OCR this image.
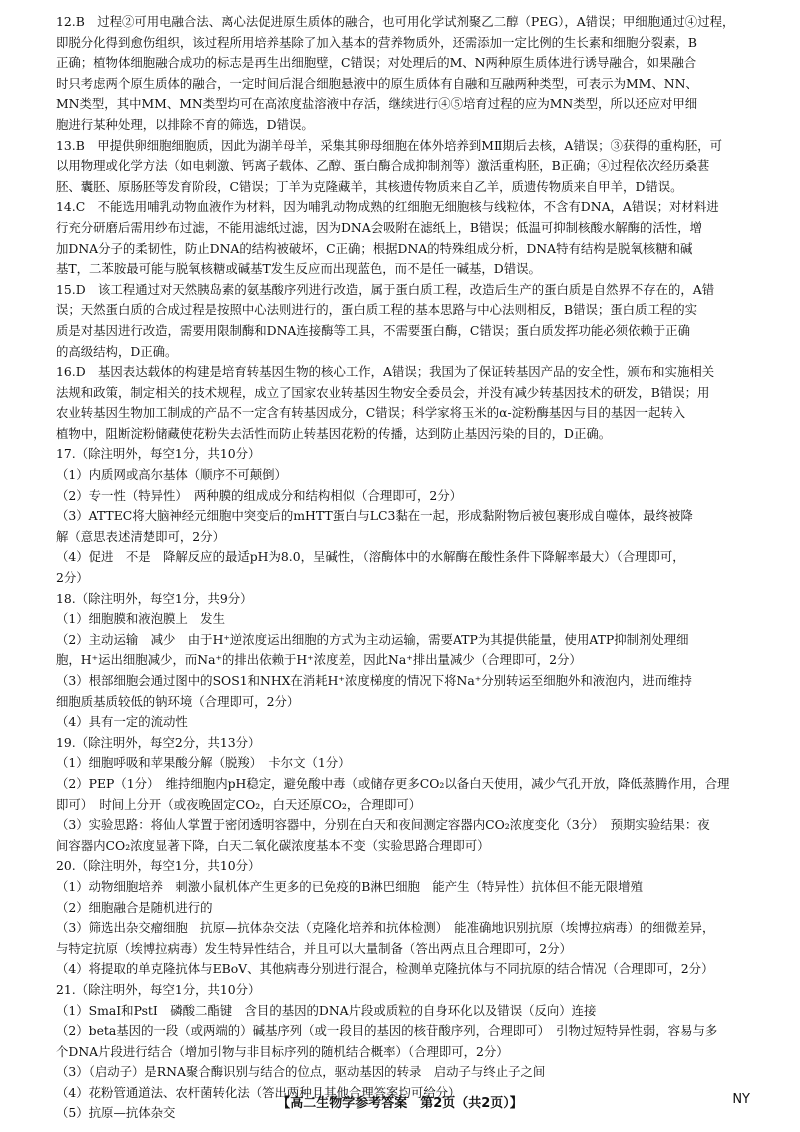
12.B　过程②可用电融合法、离心法促进原生质体的融合，也可用化学试剂聚乙二醇（PEG），A错误；甲细胞通过④过程，
即脱分化得到愈伤组织，该过程所用培养基除了加入基本的营养物质外，还需添加一定比例的生长素和细胞分裂素，B
正确；植物体细胞融合成功的标志是再生出细胞壁，C错误；对处理后的M、N两种原生质体进行诱导融合，如果融合
时只考虑两个原生质体的融合，一定时间后混合细胞悬液中的原生质体有自融和互融两种类型，可表示为MM、NN、
MN类型，其中MM、MN类型均可在高浓度盐溶液中存活，继续进行④⑤培育过程的应为MN类型，所以还应对甲细
胞进行某种处理，以排除不育的筛选，D错误。
13.B　甲提供卵细胞细胞质，因此为湖羊母羊，采集其卵母细胞在体外培养到MⅡ期后去核，A错误；③获得的重构胚，可
以用物理或化学方法（如电刺激、钙离子载体、乙醇、蛋白酶合成抑制剂等）激活重构胚，B正确；④过程依次经历桑葚
胚、囊胚、原肠胚等发育阶段，C错误；丁羊为克隆藏羊，其核遗传物质来自乙羊，质遗传物质来自甲羊，D错误。
14.C　不能选用哺乳动物血液作为材料，因为哺乳动物成熟的红细胞无细胞核与线粒体，不含有DNA，A错误；对材料进
行充分研磨后需用纱布过滤，不能用滤纸过滤，因为DNA会吸附在滤纸上，B错误；低温可抑制核酸水解酶的活性，增
加DNA分子的柔韧性，防止DNA的结构被破坏，C正确；根据DNA的特殊组成分析，DNA特有结构是脱氧核糖和碱
基T，二苯胺最可能与脱氧核糖或碱基T发生反应而出现蓝色，而不是任一碱基，D错误。
15.D　该工程通过对天然胰岛素的氨基酸序列进行改造，属于蛋白质工程，改造后生产的蛋白质是自然界不存在的，A错
误；天然蛋白质的合成过程是按照中心法则进行的，蛋白质工程的基本思路与中心法则相反，B错误；蛋白质工程的实
质是对基因进行改造，需要用限制酶和DNA连接酶等工具，不需要蛋白酶，C错误；蛋白质发挥功能必须依赖于正确
的高级结构，D正确。
16.D　基因表达载体的构建是培育转基因生物的核心工作，A错误；我国为了保证转基因产品的安全性，颁布和实施相关
法规和政策，制定相关的技术规程，成立了国家农业转基因生物安全委员会，并没有减少转基因技术的研发，B错误；用
农业转基因生物加工制成的产品不一定含有转基因成分，C错误；科学家将玉米的α-淀粉酶基因与目的基因一起转入
植物中，阻断淀粉储藏使花粉失去活性而防止转基因花粉的传播，达到防止基因污染的目的，D正确。
17.（除注明外，每空1分，共10分）
（1）内质网或高尔基体（顺序不可颠倒）
（2）专一性（特异性）　两种膜的组成成分和结构相似（合理即可，2分）
（3）ATTEC将大脑神经元细胞中突变后的mHTT蛋白与LC3黏在一起，形成黏附物后被包裹形成自噬体，最终被降
解（意思表述清楚即可，2分）
（4）促进　不是　降解反应的最适pH为8.0，呈碱性，（溶酶体中的水解酶在酸性条件下降解率最大）（合理即可，
2分）
18.（除注明外，每空1分，共9分）
（1）细胞膜和液泡膜上　发生
（2）主动运输　减少　由于H⁺逆浓度运出细胞的方式为主动运输，需要ATP为其提供能量，使用ATP抑制剂处理细
胞，H⁺运出细胞减少，而Na⁺的排出依赖于H⁺浓度差，因此Na⁺排出量减少（合理即可，2分）
（3）根部细胞会通过图中的SOS1和NHX在消耗H⁺浓度梯度的情况下将Na⁺分别转运至细胞外和液泡内，进而维持
细胞质基质较低的钠环境（合理即可，2分）
（4）具有一定的流动性
19.（除注明外，每空2分，共13分）
（1）细胞呼吸和苹果酸分解（脱羧）　卡尔文（1分）
（2）PEP（1分）　维持细胞内pH稳定，避免酸中毒（或储存更多CO₂以备白天使用，减少气孔开放，降低蒸腾作用，合理
即可）　时间上分开（或夜晚固定CO₂，白天还原CO₂，合理即可）
（3）实验思路：将仙人掌置于密闭透明容器中，分别在白天和夜间测定容器内CO₂浓度变化（3分）　预期实验结果：夜
间容器内CO₂浓度显著下降，白天二氧化碳浓度基本不变（实验思路合理即可）
20.（除注明外，每空1分，共10分）
（1）动物细胞培养　刺激小鼠机体产生更多的已免疫的B淋巴细胞　能产生（特异性）抗体但不能无限增殖
（2）细胞融合是随机进行的
（3）筛选出杂交瘤细胞　抗原—抗体杂交法（克隆化培养和抗体检测）　能准确地识别抗原（埃博拉病毒）的细微差异，
与特定抗原（埃博拉病毒）发生特异性结合，并且可以大量制备（答出两点且合理即可，2分）
（4）将提取的单克隆抗体与EBoV、其他病毒分别进行混合，检测单克隆抗体与不同抗原的结合情况（合理即可，2分）
21.（除注明外，每空1分，共10分）
（1）SmaⅠ和PstⅠ　磷酸二酯键　含目的基因的DNA片段或质粒的自身环化以及错误（反向）连接
（2）beta基因的一段（或两端的）碱基序列（或一段目的基因的核苷酸序列，合理即可）　引物过短特异性弱，容易与多
个DNA片段进行结合（增加引物与非目标序列的随机结合概率）（合理即可，2分）
（3）（启动子）是RNA聚合酶识别与结合的位点，驱动基因的转录　启动子与终止子之间
（4）花粉管通道法、农杆菌转化法（答出两种且其他合理答案均可给分）
（5）抗原—抗体杂交
【高二生物学参考答案　第2页（共2页）】	NY
